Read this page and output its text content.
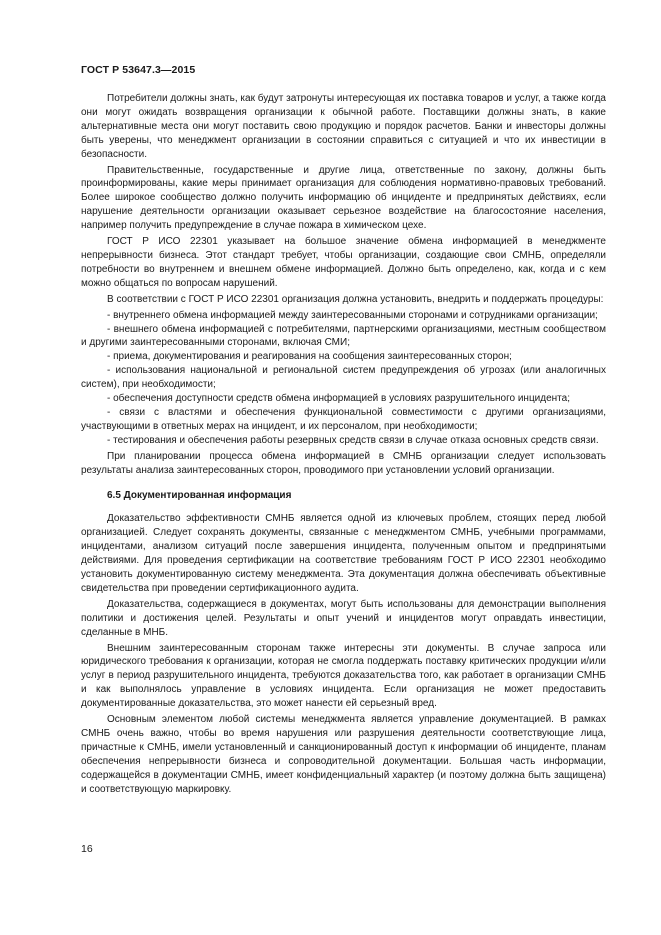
ГОСТ Р 53647.3—2015

Потребители должны знать, как будут затронуты интересующая их поставка товаров и услуг, а также когда они могут ожидать возвращения организации к обычной работе. Поставщики должны знать, в какие альтернативные места они могут поставить свою продукцию и порядок расчетов. Банки и инвесторы должны быть уверены, что менеджмент организации в состоянии справиться с ситуацией и что их инвестиции в безопасности.

Правительственные, государственные и другие лица, ответственные по закону, должны быть проинформированы, какие меры принимает организация для соблюдения нормативно-правовых требований. Более широкое сообщество должно получить информацию об инциденте и предпринятых действиях, если нарушение деятельности организации оказывает серьезное воздействие на благосостояние населения, например получить предупреждение в случае пожара в химическом цехе.

ГОСТ Р ИСО 22301 указывает на большое значение обмена информацией в менеджменте непрерывности бизнеса. Этот стандарт требует, чтобы организации, создающие свои СМНБ, определяли потребности во внутреннем и внешнем обмене информацией. Должно быть определено, как, когда и с кем можно общаться по вопросам нарушений.

В соответствии с ГОСТ Р ИСО 22301 организация должна установить, внедрить и поддержать процедуры:

- внутреннего обмена информацией между заинтересованными сторонами и сотрудниками организации;
- внешнего обмена информацией с потребителями, партнерскими организациями, местным сообществом и другими заинтересованными сторонами, включая СМИ;
- приема, документирования и реагирования на сообщения заинтересованных сторон;
- использования национальной и региональной систем предупреждения об угрозах (или аналогичных систем), при необходимости;
- обеспечения доступности средств обмена информацией в условиях разрушительного инцидента;
- связи с властями и обеспечения функциональной совместимости с другими организациями, участвующими в ответных мерах на инцидент, и их персоналом, при необходимости;
- тестирования и обеспечения работы резервных средств связи в случае отказа основных средств связи.

При планировании процесса обмена информацией в СМНБ организации следует использовать результаты анализа заинтересованных сторон, проводимого при установлении условий организации.

6.5 Документированная информация

Доказательство эффективности СМНБ является одной из ключевых проблем, стоящих перед любой организацией. Следует сохранять документы, связанные с менеджментом СМНБ, учебными программами, инцидентами, анализом ситуаций после завершения инцидента, полученным опытом и предпринятыми действиями. Для проведения сертификации на соответствие требованиям ГОСТ Р ИСО 22301 необходимо установить документированную систему менеджмента. Эта документация должна обеспечивать объективные свидетельства при проведении сертификационного аудита.

Доказательства, содержащиеся в документах, могут быть использованы для демонстрации выполнения политики и достижения целей. Результаты и опыт учений и инцидентов могут оправдать инвестиции, сделанные в МНБ.

Внешним заинтересованным сторонам также интересны эти документы. В случае запроса или юридического требования к организации, которая не смогла поддержать поставку критических продукции и/или услуг в период разрушительного инцидента, требуются доказательства того, как работает в организации СМНБ и как выполнялось управление в условиях инцидента. Если организация не может предоставить документированные доказательства, это может нанести ей серьезный вред.

Основным элементом любой системы менеджмента является управление документацией. В рамках СМНБ очень важно, чтобы во время нарушения или разрушения деятельности соответствующие лица, причастные к СМНБ, имели установленный и санкционированный доступ к информации об инциденте, планам обеспечения непрерывности бизнеса и сопроводительной документации. Большая часть информации, содержащейся в документации СМНБ, имеет конфиденциальный характер (и поэтому должна быть защищена) и соответствующую маркировку.

16
